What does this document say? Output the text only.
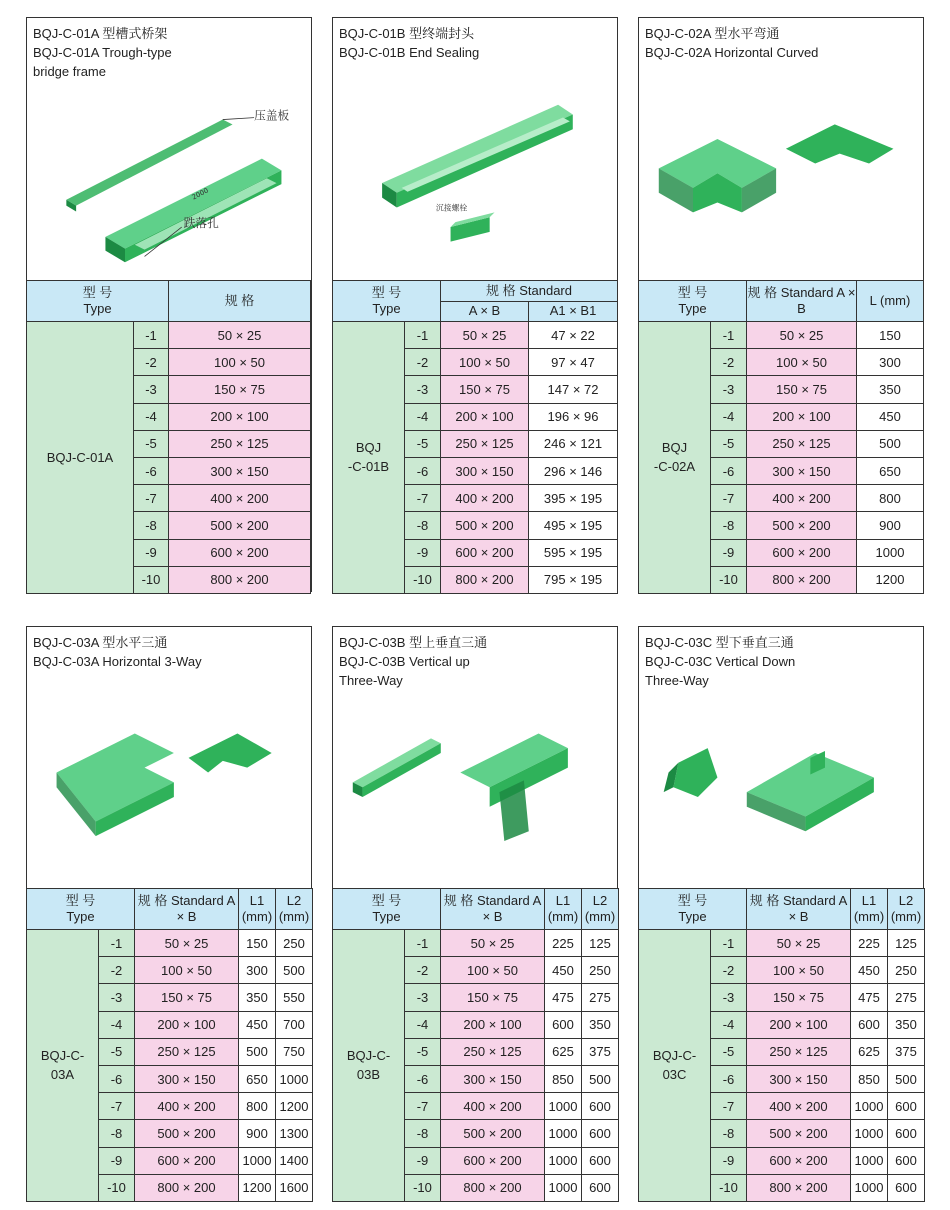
BQJ-C-01A 型槽式桥架
BQJ-C-01A Trough-type
bridge frame
压盖板
跌落孔
2000
型 号
Type		规 格	
BQJ-C-01A	-1	50 × 25	
	-2	100 × 50	
	-3	150 × 75	
	-4	200 × 100	
	-5	250 × 125	
	-6	300 × 150	
	-7	400 × 200	
	-8	500 × 200	
	-9	600 × 200	
	-10	800 × 200	
BQJ-C-01B 型终端封头
BQJ-C-01B End Sealing
沉接螺栓
型 号
Type		规 格 Standard	
		A × B	A1 × B1
BQJ
-C-01B	-1	50 × 25	47 × 22
	-2	100 × 50	97 × 47
	-3	150 × 75	147 × 72
	-4	200 × 100	196 × 96
	-5	250 × 125	246 × 121
	-6	300 × 150	296 × 146
	-7	400 × 200	395 × 195
	-8	500 × 200	495 × 195
	-9	600 × 200	595 × 195
	-10	800 × 200	795 × 195
BQJ-C-02A 型水平弯通
BQJ-C-02A Horizontal Curved
型 号
Type		规 格 Standard A × B	L (mm)
BQJ
-C-02A	-1	50 × 25	150
	-2	100 × 50	300
	-3	150 × 75	350
	-4	200 × 100	450
	-5	250 × 125	500
	-6	300 × 150	650
	-7	400 × 200	800
	-8	500 × 200	900
	-9	600 × 200	1000
	-10	800 × 200	1200
BQJ-C-03A 型水平三通
BQJ-C-03A Horizontal 3-Way
型 号
Type		规 格 Standard A × B	L1 (mm)	L2 (mm)
BQJ-C-
03A	-1	50 × 25	150	250
	-2	100 × 50	300	500
	-3	150 × 75	350	550
	-4	200 × 100	450	700
	-5	250 × 125	500	750
	-6	300 × 150	650	1000
	-7	400 × 200	800	1200
	-8	500 × 200	900	1300
	-9	600 × 200	1000	1400
	-10	800 × 200	1200	1600
BQJ-C-03B 型上垂直三通
BQJ-C-03B Vertical up
Three-Way
型 号
Type		规 格 Standard A × B	L1 (mm)	L2 (mm)
BQJ-C-
03B	-1	50 × 25	225	125
	-2	100 × 50	450	250
	-3	150 × 75	475	275
	-4	200 × 100	600	350
	-5	250 × 125	625	375
	-6	300 × 150	850	500
	-7	400 × 200	1000	600
	-8	500 × 200	1000	600
	-9	600 × 200	1000	600
	-10	800 × 200	1000	600
BQJ-C-03C 型下垂直三通
BQJ-C-03C Vertical Down
Three-Way
型 号
Type		规 格 Standard A × B	L1 (mm)	L2 (mm)
BQJ-C-
03C	-1	50 × 25	225	125
	-2	100 × 50	450	250
	-3	150 × 75	475	275
	-4	200 × 100	600	350
	-5	250 × 125	625	375
	-6	300 × 150	850	500
	-7	400 × 200	1000	600
	-8	500 × 200	1000	600
	-9	600 × 200	1000	600
	-10	800 × 200	1000	600
